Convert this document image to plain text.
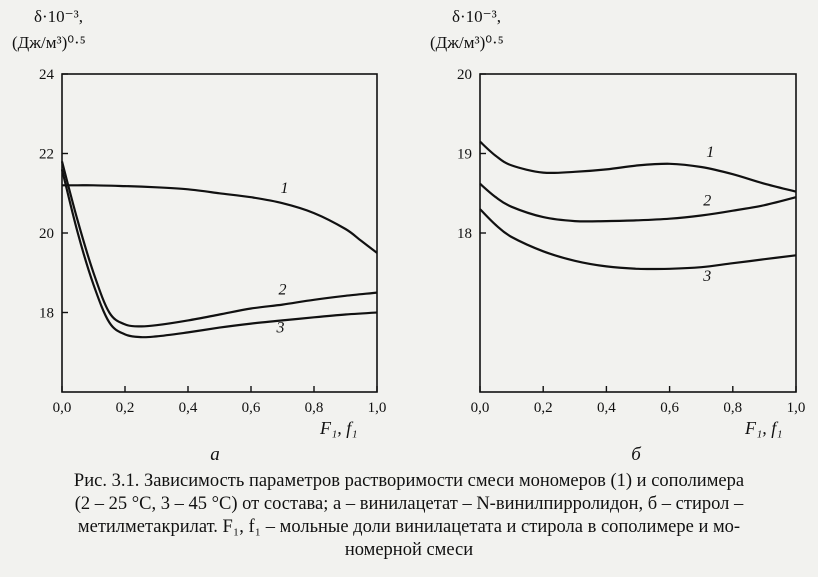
18
20
22
24
0,0	0,2	0,4	0,6	0,8	1,0
δ·10⁻³,
(Дж/м³)⁰·⁵
F₁, f₁
а
1
2
3
18
19
20
0,0	0,2	0,4	0,6	0,8	1,0
δ·10⁻³,
(Дж/м³)⁰·⁵
F₁, f₁
б
1
2
3
Рис. 3.1. Зависимость параметров растворимости смеси мономеров (1) и сополимера
(2 – 25 °С, 3 – 45 °С) от состава; а – винилацетат – N-винилпирролидон, б – стирол –
метилметакрилат. F₁, f₁ – мольные доли винилацетата и стирола в сополимере и мо-
номерной смеси
